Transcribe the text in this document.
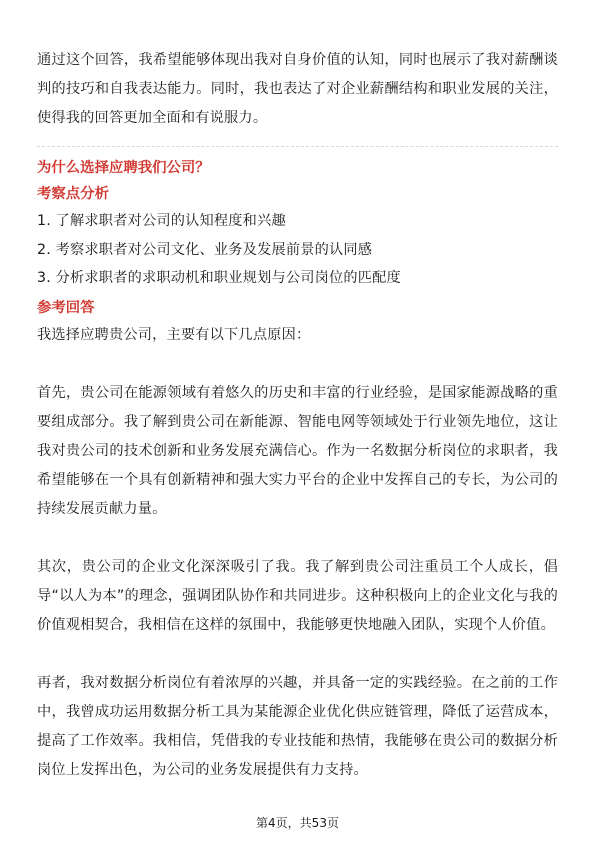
通过这个回答，我希望能够体现出我对自身价值的认知，同时也展示了我对薪酬谈判的技巧和自我表达能力。同时，我也表达了对企业薪酬结构和职业发展的关注，使得我的回答更加全面和有说服力。

为什么选择应聘我们公司？

考察点分析

1. 了解求职者对公司的认知程度和兴趣

2. 考察求职者对公司文化、业务及发展前景的认同感

3. 分析求职者的求职动机和职业规划与公司岗位的匹配度

参考回答

我选择应聘贵公司，主要有以下几点原因：

首先，贵公司在能源领域有着悠久的历史和丰富的行业经验，是国家能源战略的重要组成部分。我了解到贵公司在新能源、智能电网等领域处于行业领先地位，这让我对贵公司的技术创新和业务发展充满信心。作为一名数据分析岗位的求职者，我希望能够在一个具有创新精神和强大实力平台的企业中发挥自己的专长，为公司的持续发展贡献力量。

其次，贵公司的企业文化深深吸引了我。我了解到贵公司注重员工个人成长，倡导“以人为本”的理念，强调团队协作和共同进步。这种积极向上的企业文化与我的价值观相契合，我相信在这样的氛围中，我能够更快地融入团队，实现个人价值。

再者，我对数据分析岗位有着浓厚的兴趣，并具备一定的实践经验。在之前的工作中，我曾成功运用数据分析工具为某能源企业优化供应链管理，降低了运营成本，提高了工作效率。我相信，凭借我的专业技能和热情，我能够在贵公司的数据分析岗位上发挥出色，为公司的业务发展提供有力支持。

第4页，共53页
